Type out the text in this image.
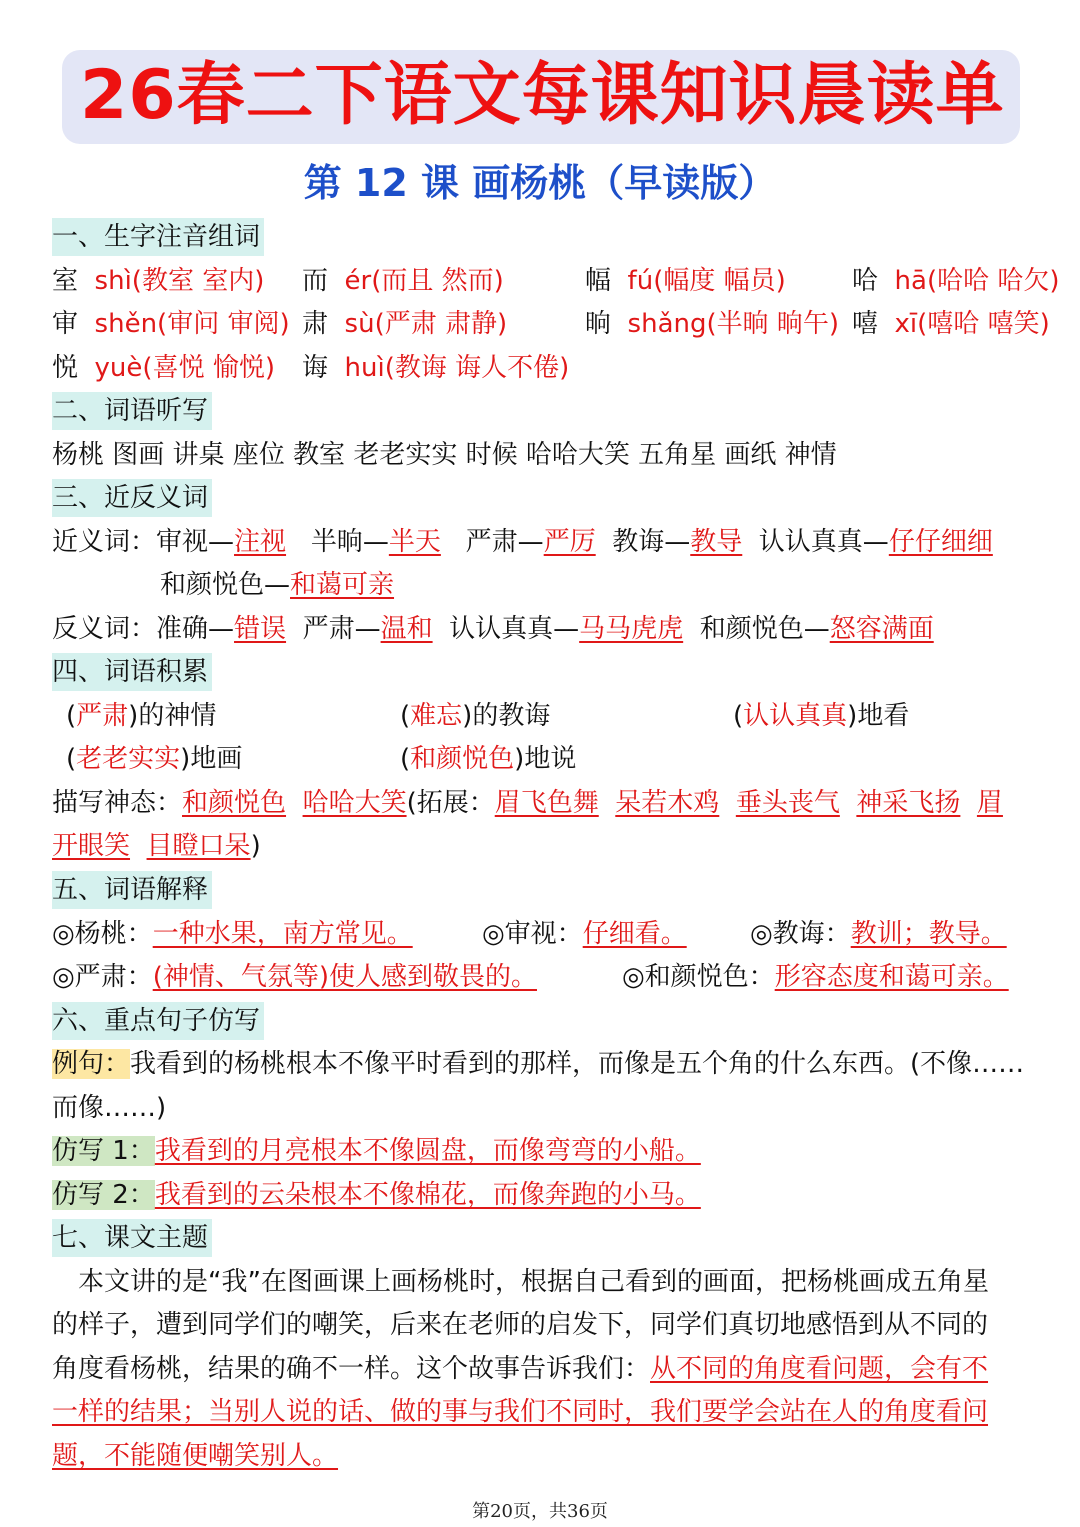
26春二下语文每课知识晨读单
第 12 课 画杨桃（早读版）
一、生字注音组词
室 shì(教室 室内) 而 ér(而且 然而)	幅 fú(幅度 幅员)	哈 hā(哈哈 哈欠)
审 shěn(审问 审阅) 肃 sù(严肃 肃静)	晌 shǎng(半晌 晌午) 嘻 xī(嘻哈 嘻笑)
悦 yuè(喜悦 愉悦) 诲 huì(教诲 诲人不倦)
二、词语听写
杨桃 图画 讲桌 座位 教室 老老实实 时候 哈哈大笑 五角星 画纸 神情
三、近反义词
近义词：审视—注视 半晌—半天 严肃—严厉 教诲—教导 认认真真—仔仔细细
和颜悦色—和蔼可亲
反义词：准确—错误 严肃—温和 认认真真—马马虎虎 和颜悦色—怒容满面
四、词语积累
(严肃)的神情	(难忘)的教诲	(认认真真)地看
(老老实实)地画	(和颜悦色)地说
描写神态：和颜悦色 哈哈大笑(拓展：眉飞色舞 呆若木鸡 垂头丧气 神采飞扬 眉
开眼笑 目瞪口呆)
五、词语解释
◎杨桃：一种水果，南方常见。	◎审视：仔细看。 ◎教诲：教训；教导。
◎严肃：(神情、气氛等)使人感到敬畏的。	◎和颜悦色：形容态度和蔼可亲。
六、重点句子仿写
例句：我看到的杨桃根本不像平时看到的那样，而像是五个角的什么东西。(不像……
而像……)
仿写 1：我看到的月亮根本不像圆盘，而像弯弯的小船。
仿写 2：我看到的云朵根本不像棉花，而像奔跑的小马。
七、课文主题
本文讲的是“我”在图画课上画杨桃时，根据自己看到的画面，把杨桃画成五角星
的样子，遭到同学们的嘲笑，后来在老师的启发下，同学们真切地感悟到从不同的
角度看杨桃，结果的确不一样。这个故事告诉我们：从不同的角度看问题，会有不
一样的结果；当别人说的话、做的事与我们不同时，我们要学会站在人的角度看问
题，不能随便嘲笑别人。
第20页，共36页
